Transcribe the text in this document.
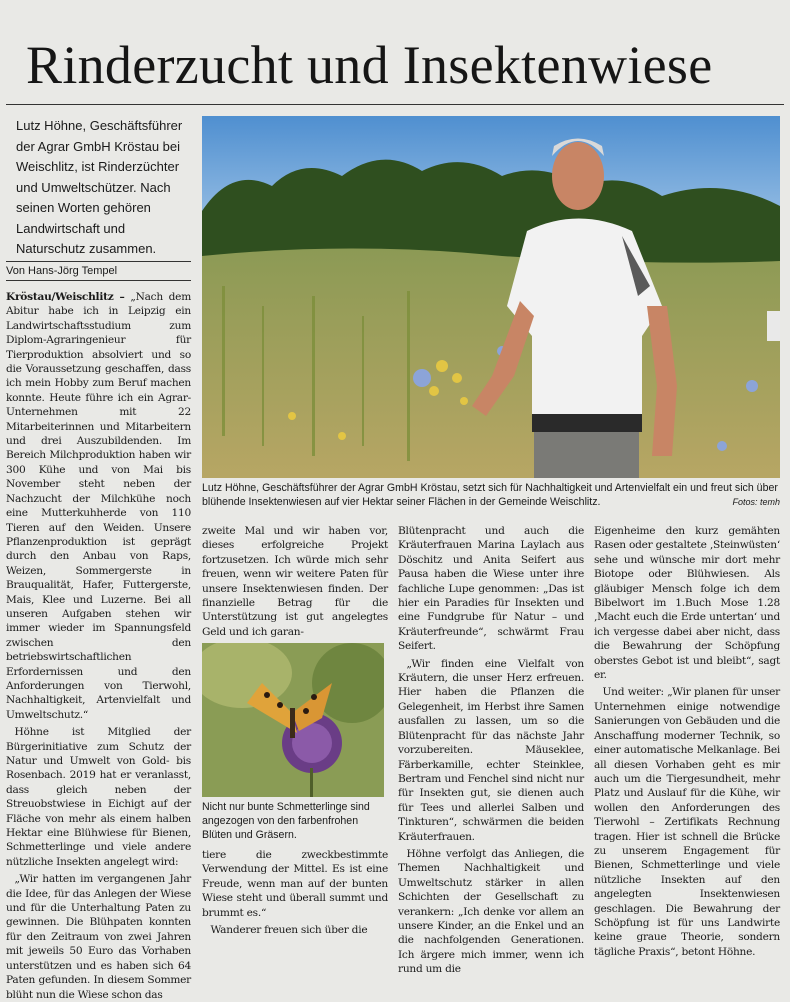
Rinderzucht und Insektenwiese
Lutz Höhne, Geschäftsführer der Agrar GmbH Kröstau bei Weischlitz, ist Rinderzüchter und Umweltschützer. Nach seinen Worten gehören Landwirtschaft und Naturschutz zusammen.
Von Hans-Jörg Tempel
Lutz Höhne, Geschäftsführer der Agrar GmbH Kröstau, setzt sich für Nachhaltigkeit und Artenvielfalt ein und freut sich über blühende Insektenwiesen auf vier Hektar seiner Flächen in der Gemeinde Weischlitz.	Fotos: temh

Kröstau/Weischlitz – „Nach dem Abitur habe ich in Leipzig ein Landwirtschaftsstudium zum Diplom-Agraringenieur für Tierproduktion absolviert und so die Voraussetzung geschaffen, dass ich mein Hobby zum Beruf machen konnte. Heute führe ich ein Agrar-Unternehmen mit 22 Mitarbeiterinnen und Mitarbeitern und drei Auszubildenden. Im Bereich Milchproduktion haben wir 300 Kühe und von Mai bis November steht neben der Nachzucht der Milchkühe noch eine Mutterkuhherde von 110 Tieren auf den Weiden. Unsere Pflanzenproduktion ist geprägt durch den Anbau von Raps, Weizen, Sommergerste in Brauqualität, Hafer, Futtergerste, Mais, Klee und Luzerne. Bei all unseren Aufgaben stehen wir immer wieder im Spannungsfeld zwischen den betriebswirtschaftlichen Erfordernissen und den Anforderungen von Tierwohl, Nachhaltigkeit, Artenvielfalt und Umweltschutz.“

Höhne ist Mitglied der Bürgerinitiative zum Schutz der Natur und Umwelt von Gold- bis Rosenbach. 2019 hat er veranlasst, dass gleich neben der Streuobstwiese in Eichigt auf der Fläche von mehr als einem halben Hektar eine Blühwiese für Bienen, Schmetterlinge und viele andere nützliche Insekten angelegt wird:

„Wir hatten im vergangenen Jahr die Idee, für das Anlegen der Wiese und für die Unterhaltung Paten zu gewinnen. Die Blühpaten konnten für den Zeitraum von zwei Jahren mit jeweils 50 Euro das Vorhaben unterstützen und es haben sich 64 Paten gefunden. In diesem Sommer blüht nun die Wiese schon das

zweite Mal und wir haben vor, dieses erfolgreiche Projekt fortzusetzen. Ich würde mich sehr freuen, wenn wir weitere Paten für unsere Insektenwiesen finden. Der finanzielle Betrag für die Unterstützung ist gut angelegtes Geld und ich garan-

Nicht nur bunte Schmetterlinge sind angezogen von den farbenfrohen Blüten und Gräsern.

tiere die zweckbestimmte Verwendung der Mittel. Es ist eine Freude, wenn man auf der bunten Wiese steht und überall summt und brummt es.“

Wanderer freuen sich über die

Blütenpracht und auch die Kräuterfrauen Marina Laylach aus Döschitz und Anita Seifert aus Pausa haben die Wiese unter ihre fachliche Lupe genommen: „Das ist hier ein Paradies für Insekten und eine Fundgrube für Natur – und Kräuterfreunde“, schwärmt Frau Seifert.

„Wir finden eine Vielfalt von Kräutern, die unser Herz erfreuen. Hier haben die Pflanzen die Gelegenheit, im Herbst ihre Samen ausfallen zu lassen, um so die Blütenpracht für das nächste Jahr vorzubereiten. Mäuseklee, Färberkamille, echter Steinklee, Bertram und Fenchel sind nicht nur für Insekten gut, sie dienen auch für Tees und allerlei Salben und Tinkturen“, schwärmen die beiden Kräuterfrauen.

Höhne verfolgt das Anliegen, die Themen Nachhaltigkeit und Umweltschutz stärker in allen Schichten der Gesellschaft zu verankern: „Ich denke vor allem an unsere Kinder, an die Enkel und an die nachfolgenden Generationen. Ich ärgere mich immer, wenn ich rund um die

Eigenheime den kurz gemähten Rasen oder gestaltete ‚Steinwüsten‘ sehe und wünsche mir dort mehr Biotope oder Blühwiesen. Als gläubiger Mensch folge ich dem Bibelwort im 1.Buch Mose 1.28 ‚Macht euch die Erde untertan‘ und ich vergesse dabei aber nicht, dass die Bewahrung der Schöpfung oberstes Gebot ist und bleibt“, sagt er.

Und weiter: „Wir planen für unser Unternehmen einige notwendige Sanierungen von Gebäuden und die Anschaffung moderner Technik, so einer automatische Melkanlage. Bei all diesen Vorhaben geht es mir auch um die Tiergesundheit, mehr Platz und Auslauf für die Kühe, wir wollen den Anforderungen des Tierwohl – Zertifikats Rechnung tragen. Hier ist schnell die Brücke zu unserem Engagement für Bienen, Schmetterlinge und viele nützliche Insekten auf den angelegten Insektenwiesen geschlagen. Die Bewahrung der Schöpfung ist für uns Landwirte keine graue Theorie, sondern tägliche Praxis“, betont Höhne.
